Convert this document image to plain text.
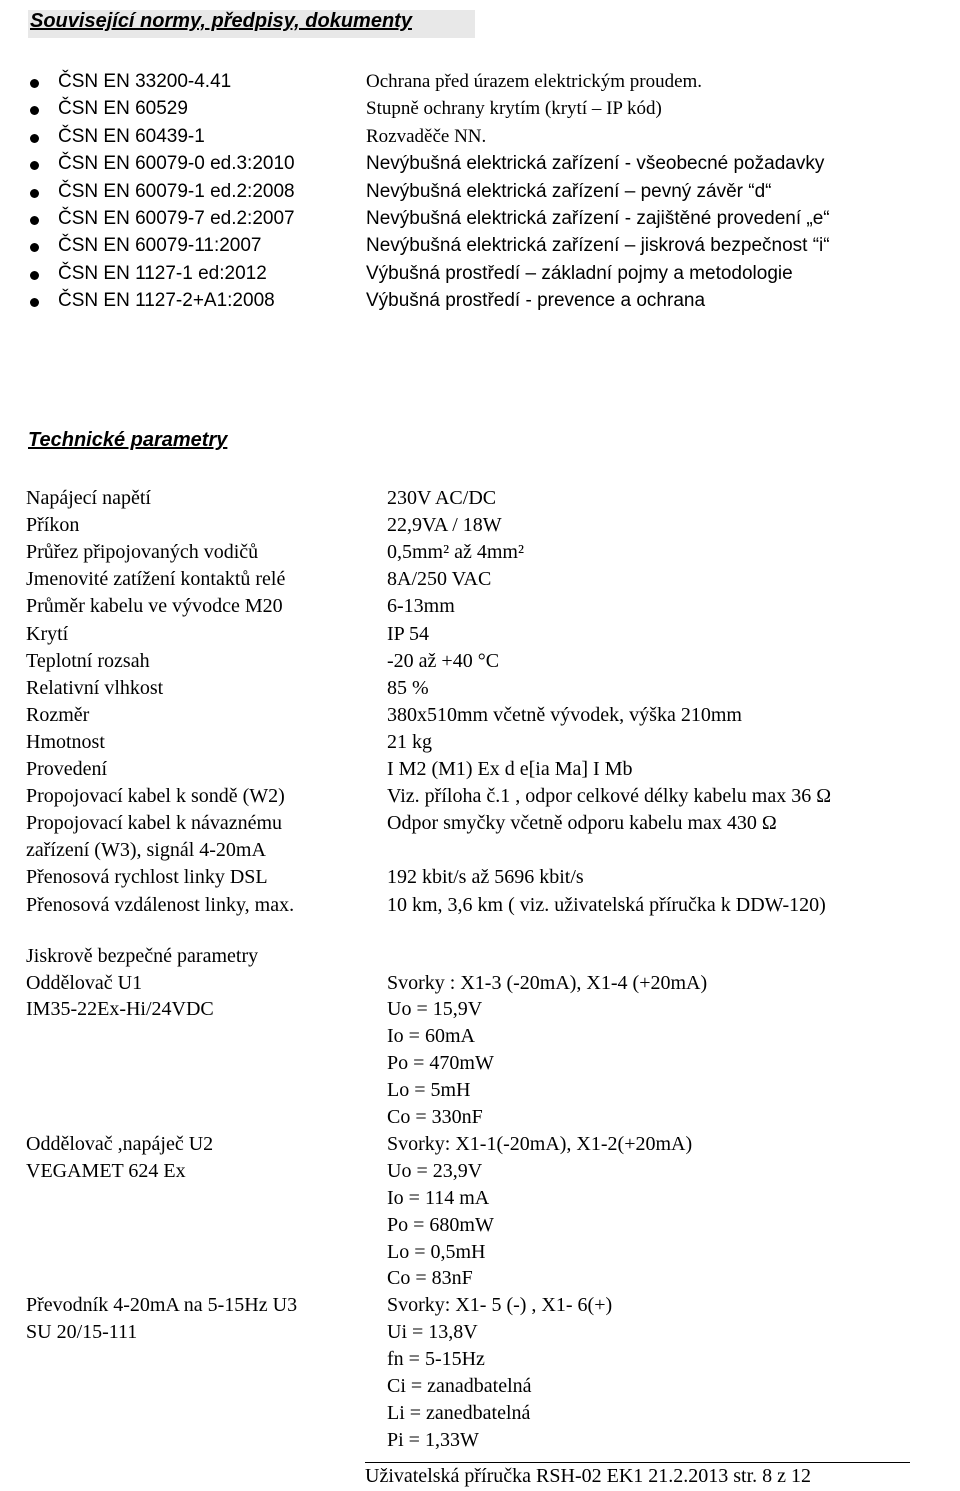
Související normy, předpisy, dokumenty
ČSN EN 33200-4.41	Ochrana před úrazem elektrickým proudem.
ČSN EN 60529	Stupně ochrany krytím (krytí – IP kód)
ČSN EN 60439-1	Rozvaděče NN.
ČSN EN 60079-0 ed.3:2010	Nevýbušná elektrická zařízení - všeobecné požadavky
ČSN EN 60079-1 ed.2:2008	Nevýbušná elektrická zařízení – pevný závěr “d“
ČSN EN 60079-7 ed.2:2007	Nevýbušná elektrická zařízení - zajištěné provedení „e“
ČSN EN 60079-11:2007	Nevýbušná elektrická zařízení – jiskrová bezpečnost “i“
ČSN EN 1127-1 ed:2012	Výbušná prostředí – základní pojmy a metodologie
ČSN EN 1127-2+A1:2008	Výbušná prostředí - prevence a ochrana
Technické parametry
Napájecí napětí	230V AC/DC
Příkon	22,9VA / 18W
Průřez připojovaných vodičů	0,5mm² až 4mm²
Jmenovité zatížení kontaktů relé	8A/250 VAC
Průměr kabelu ve vývodce M20	6-13mm
Krytí	IP 54
Teplotní rozsah	-20 až +40 °C
Relativní vlhkost	85 %
Rozměr	380x510mm včetně vývodek, výška 210mm
Hmotnost	21 kg
Provedení	I M2 (M1) Ex d e[ia Ma] I Mb
Propojovací kabel k sondě (W2)	Viz. příloha č.1 , odpor celkové délky kabelu max 36 Ω
Propojovací kabel k návaznému	Odpor smyčky včetně odporu kabelu max 430 Ω
zařízení (W3), signál 4-20mA
Přenosová rychlost linky DSL	192 kbit/s až 5696 kbit/s
Přenosová vzdálenost linky, max.	10 km, 3,6 km ( viz. uživatelská příručka k DDW-120)
Jiskrově bezpečné parametry
Oddělovač U1	Svorky : X1-3 (-20mA), X1-4 (+20mA)
IM35-22Ex-Hi/24VDC	Uo = 15,9V
Io = 60mA
Po = 470mW
Lo = 5mH
Co = 330nF
Oddělovač ,napáječ U2	Svorky: X1-1(-20mA), X1-2(+20mA)
VEGAMET 624 Ex	Uo = 23,9V
Io = 114 mA
Po = 680mW
Lo = 0,5mH
Co = 83nF
Převodník 4-20mA na 5-15Hz U3	Svorky: X1- 5 (-) , X1- 6(+)
SU 20/15-111	Ui = 13,8V
fn = 5-15Hz
Ci = zanadbatelná
Li = zanedbatelná
Pi = 1,33W
Uživatelská příručka RSH-02 EK1 21.2.2013 str. 8 z 12
